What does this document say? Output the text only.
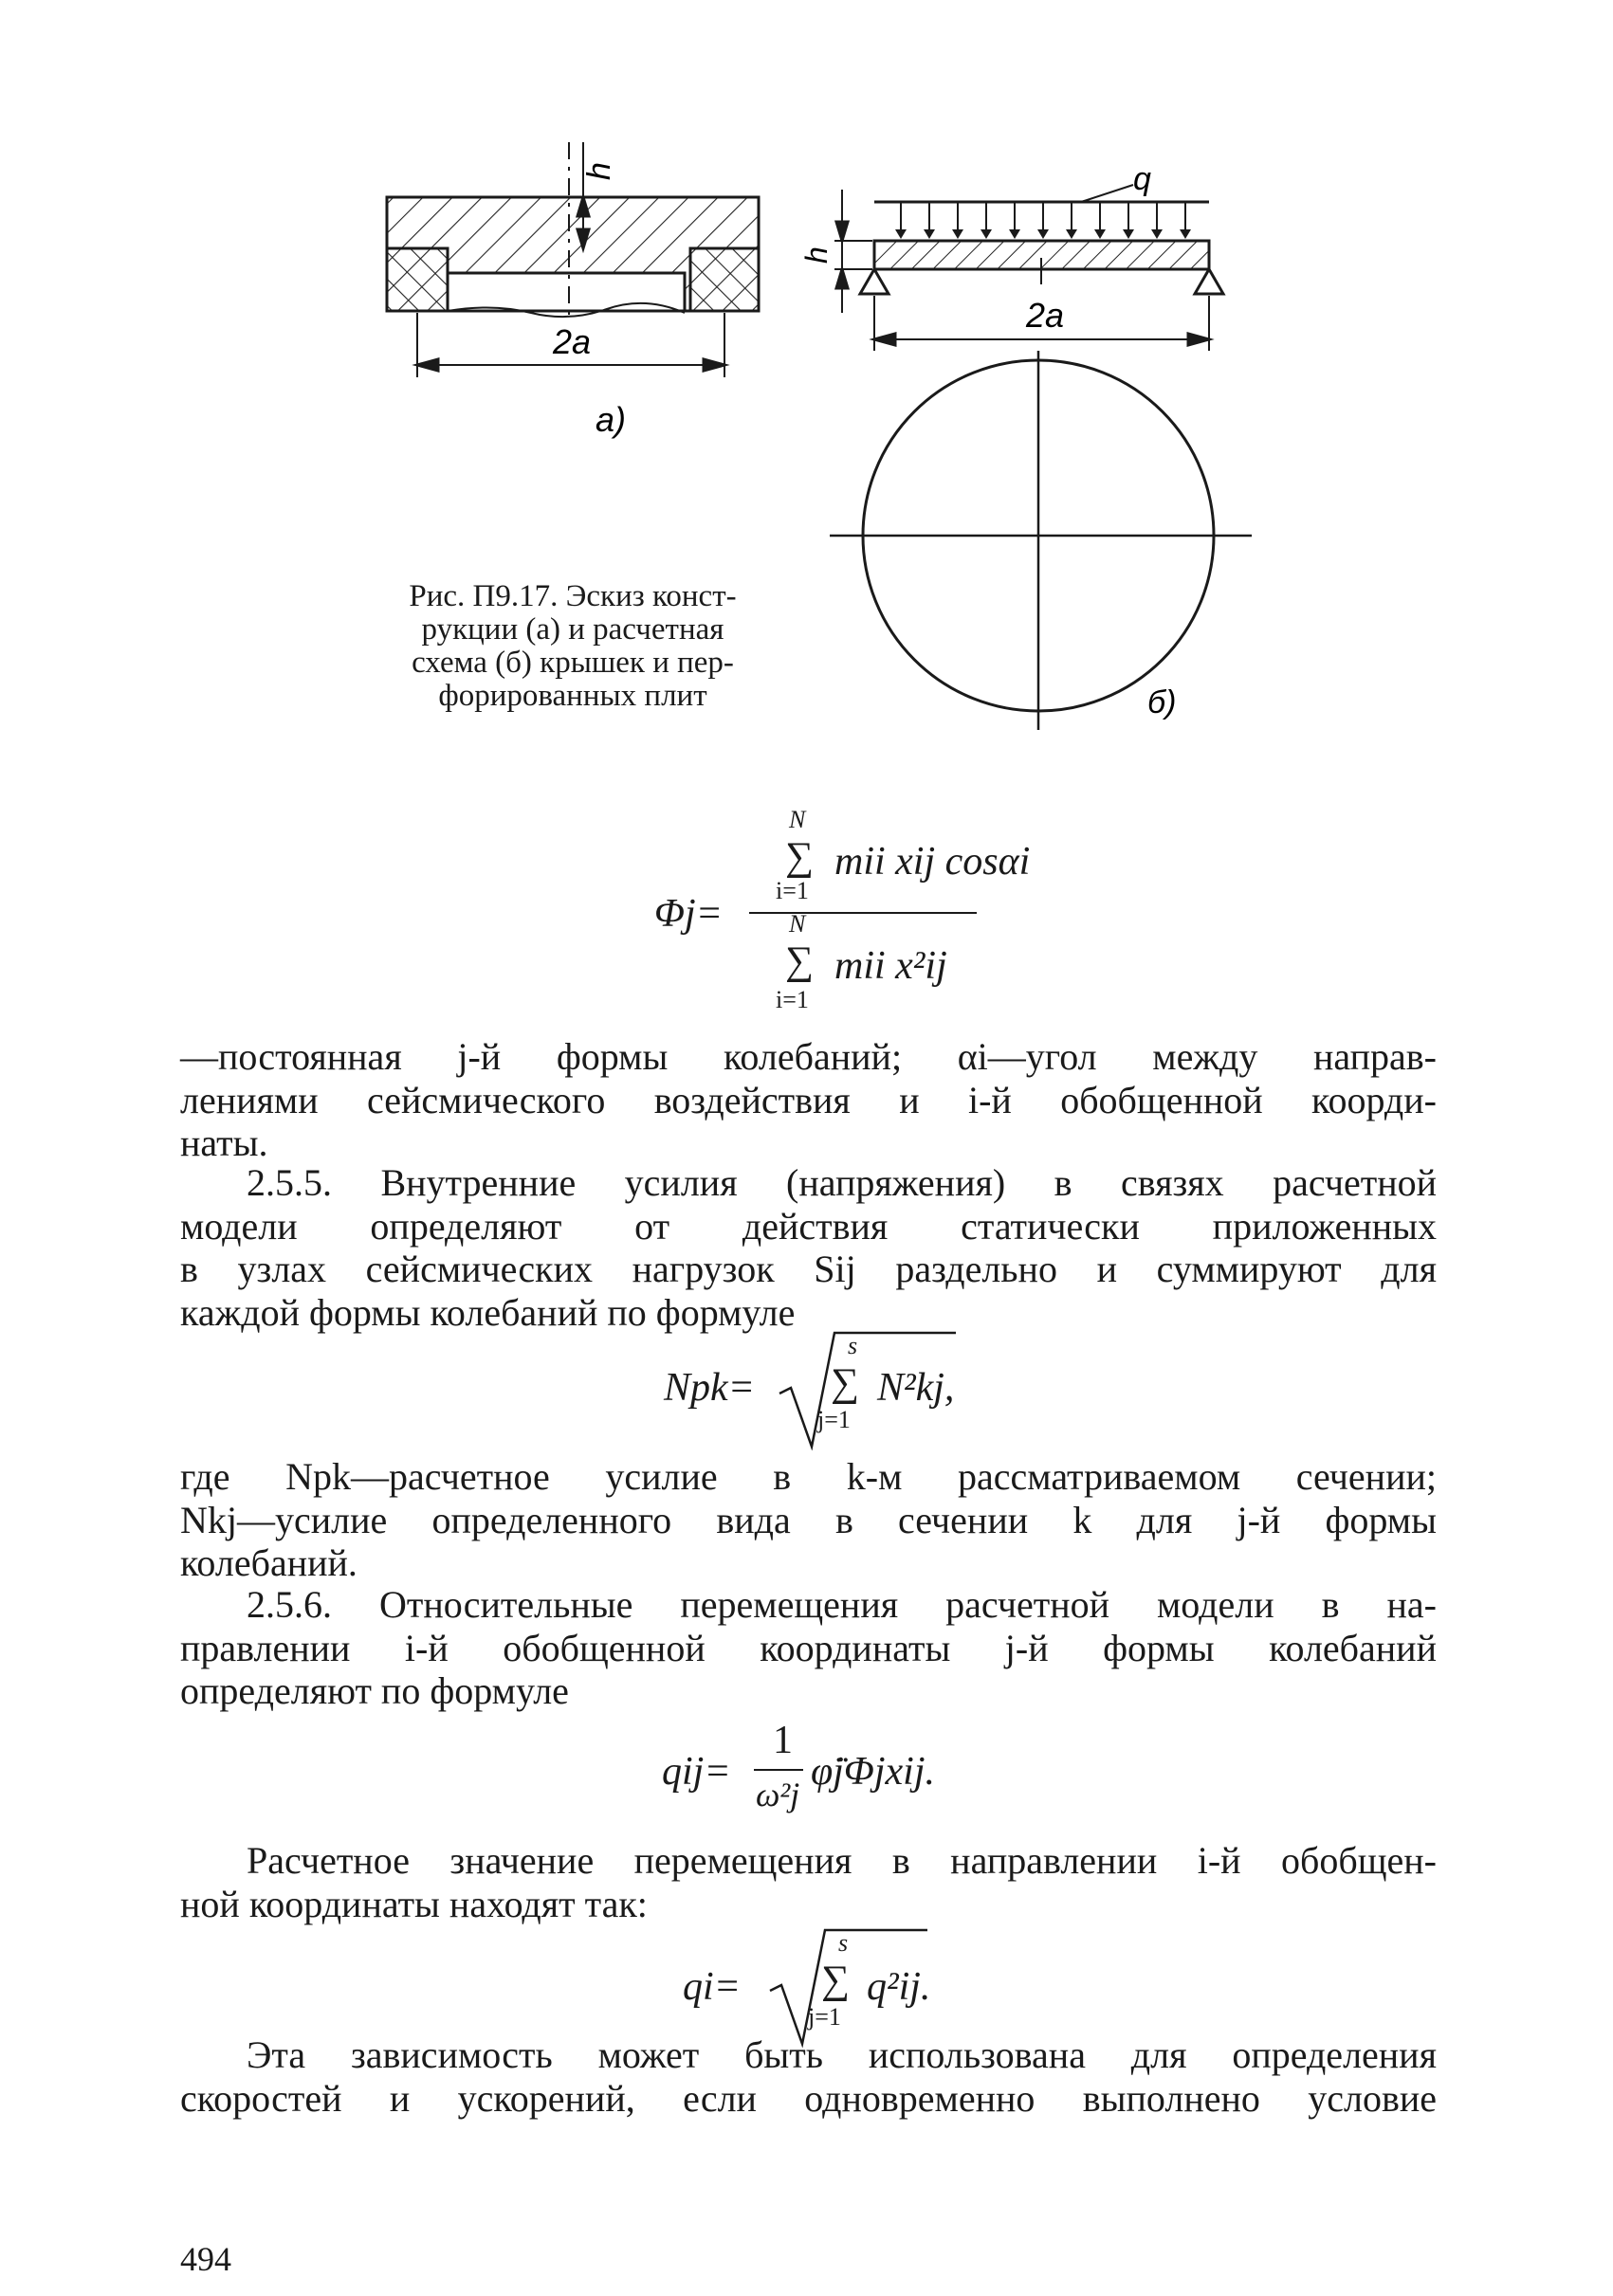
2a
h
a)
q
h
2a
б)
Рис. П9.17. Эскиз конст-
рукции (а) и расчетная
схема (б) крышек и пер-
форированных плит
Φj=
N
∑ mii xij cosαi
i=1
N
∑ mii x²ij
i=1
—постоянная j-й формы колебаний; αi—угол между направ-
лениями сейсмического воздействия и i-й обобщенной коорди-
наты.
2.5.5. Внутренние усилия (напряжения) в связях расчетной
модели определяют от действия статически приложенных
в узлах сейсмических нагрузок Sij раздельно и суммируют для
каждой формы колебаний по формуле
Npk=
s
∑
j=1
N²kj,
где Npk—расчетное усилие в k-м рассматриваемом сечении;
Nkj—усилие определенного вида в сечении k для j-й формы
колебаний.
2.5.6. Относительные перемещения расчетной модели в на-
правлении i-й обобщенной координаты j-й формы колебаний
определяют по формуле
qij=
1
ω²j
φ̈jΦjxij.
Расчетное значение перемещения в направлении i-й обобщен-
ной координаты находят так:
qi=
s
∑
j=1
q²ij.
Эта зависимость может быть использована для определения
скоростей и ускорений, если одновременно выполнено условие
494
